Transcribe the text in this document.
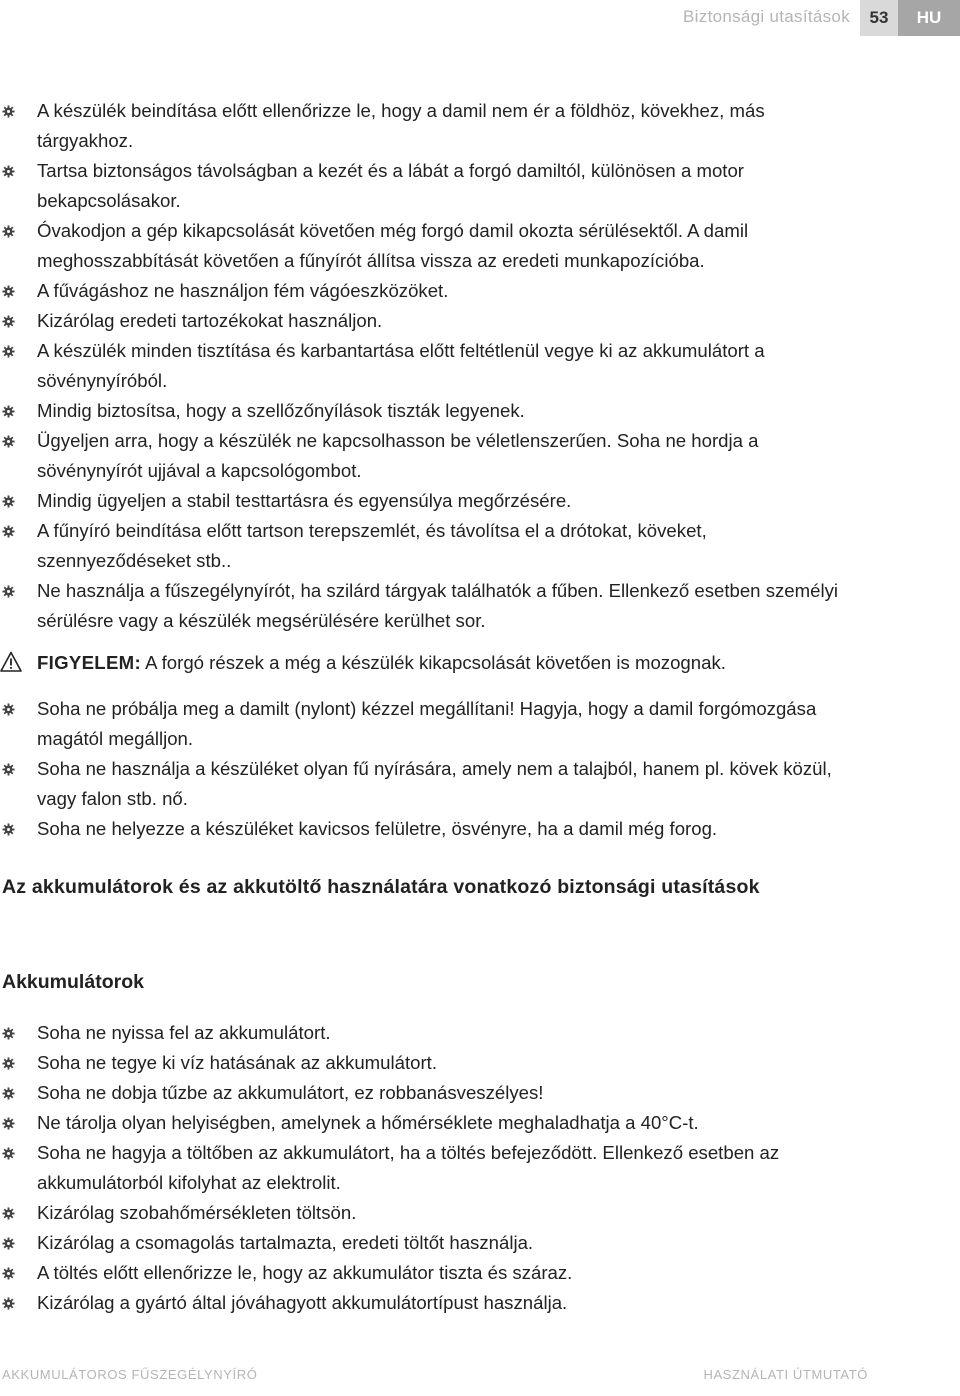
Biztonsági utasítások	53	HU
A készülék beindítása előtt ellenőrizze le, hogy a damil nem ér a földhöz, kövekhez, más tárgyakhoz.
Tartsa biztonságos távolságban a kezét és a lábát a forgó damiltól, különösen a motor bekapcsolásakor.
Óvakodjon a gép kikapcsolását követően még forgó damil okozta sérülésektől. A damil meghosszabbítását követően a fűnyírót állítsa vissza az eredeti munkapozícióba.
A fűvágáshoz ne használjon fém vágóeszközöket.
Kizárólag eredeti tartozékokat használjon.
A készülék minden tisztítása és karbantartása előtt feltétlenül vegye ki az akkumulátort a sövénynyíróból.
Mindig biztosítsa, hogy a szellőzőnyílások tiszták legyenek.
Ügyeljen arra, hogy a készülék ne kapcsolhasson be véletlenszerűen. Soha ne hordja a sövénynyírót ujjával a kapcsológombot.
Mindig ügyeljen a stabil testtartásra és egyensúlya megőrzésére.
A fűnyíró beindítása előtt tartson terepszemlét, és távolítsa el a drótokat, köveket, szennyeződéseket stb..
Ne használja a fűszegélynyírót, ha szilárd tárgyak találhatók a fűben. Ellenkező esetben személyi sérülésre vagy a készülék megsérülésére kerülhet sor.
FIGYELEM: A forgó részek a még a készülék kikapcsolását követően is mozognak.
Soha ne próbálja meg a damilt (nylont) kézzel megállítani! Hagyja, hogy a damil forgómozgása magától megálljon.
Soha ne használja a készüléket olyan fű nyírására, amely nem a talajból, hanem pl. kövek közül, vagy falon stb. nő.
Soha ne helyezze a készüléket kavicsos felületre, ösvényre, ha a damil még forog.
Az akkumulátorok és az akkutöltő használatára vonatkozó biztonsági utasítások
Akkumulátorok
Soha ne nyissa fel az akkumulátort.
Soha ne tegye ki víz hatásának az akkumulátort.
Soha ne dobja tűzbe az akkumulátort, ez robbanásveszélyes!
Ne tárolja olyan helyiségben, amelynek a hőmérséklete meghaladhatja a 40°C-t.
Soha ne hagyja a töltőben az akkumulátort, ha a töltés befejeződött. Ellenkező esetben az akkumulátorból kifolyhat az elektrolit.
Kizárólag szobahőmérsékleten töltsön.
Kizárólag a csomagolás tartalmazta, eredeti töltőt használja.
A töltés előtt ellenőrizze le, hogy az akkumulátor tiszta és száraz.
Kizárólag a gyártó által jóváhagyott akkumulátortípust használja.
AKKUMULÁTOROS FŰSZEGÉLYNYÍRÓ	HASZNÁLATI ÚTMUTATÓ
